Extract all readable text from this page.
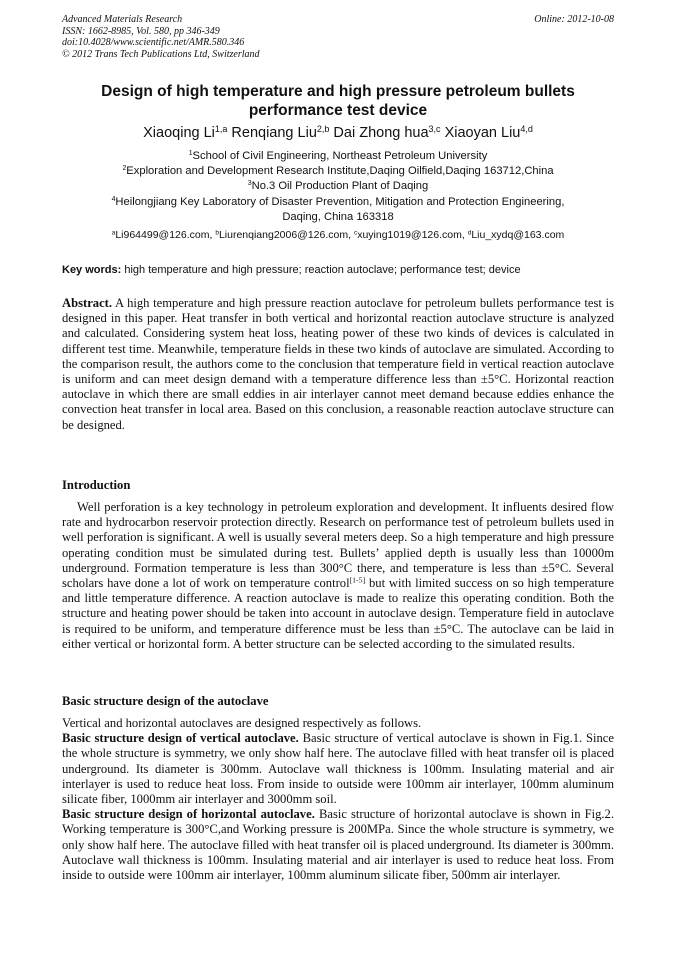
Advanced Materials Research
ISSN: 1662-8985, Vol. 580, pp 346-349
doi:10.4028/www.scientific.net/AMR.580.346
© 2012 Trans Tech Publications Ltd, Switzerland
Online: 2012-10-08
Design of high temperature and high pressure petroleum bullets
performance test device
Xiaoqing Li$^{1,a}$ Renqiang Liu$^{2,b}$ Dai Zhong hua$^{3,c}$ Xiaoyan Liu$^{4,d}$
$^1$School of Civil Engineering, Northeast Petroleum University
$^2$Exploration and Development Research Institute,Daqing Oilfield,Daqing 163712,China
$^3$No.3 Oil Production Plant of Daqing
$^4$Heilongjiang Key Laboratory of Disaster Prevention, Mitigation and Protection Engineering,
Daqing, China 163318
$^a$Li964499@126.com, $^b$Liurenqiang2006@126.com, $^c$xuying1019@126.com, $^d$Liu_xydq@163.com
Key words: high temperature and high pressure; reaction autoclave; performance test; device
Abstract. A high temperature and high pressure reaction autoclave for petroleum bullets performance test is designed in this paper. Heat transfer in both vertical and horizontal reaction autoclave structure is analyzed and calculated. Considering system heat loss, heating power of these two kinds of devices is calculated in different test time. Meanwhile, temperature fields in these two kinds of autoclave are simulated. According to the comparison result, the authors come to the conclusion that temperature field in vertical reaction autoclave is uniform and can meet design demand with a temperature difference less than ±5°C. Horizontal reaction autoclave in which there are small eddies in air interlayer cannot meet demand because eddies enhance the convection heat transfer in local area. Based on this conclusion, a reasonable reaction autoclave structure can be designed.
Introduction
Well perforation is a key technology in petroleum exploration and development. It influents desired flow rate and hydrocarbon reservoir protection directly. Research on performance test of petroleum bullets used in well perforation is significant. A well is usually several meters deep. So a high temperature and high pressure operating condition must be simulated during test. Bullets’ applied depth is usually less than 10000m underground. Formation temperature is less than 300°C there, and temperature is less than ±5°C. Several scholars have done a lot of work on temperature control[1-5] but with limited success on so high temperature and little temperature difference. A reaction autoclave is made to realize this operating condition. Both the structure and heating power should be taken into account in autoclave design. Temperature field in autoclave is required to be uniform, and temperature difference must be less than ±5°C. The autoclave can be laid in either vertical or horizontal form. A better structure can be selected according to the simulated results.
Basic structure design of the autoclave

Vertical and horizontal autoclaves are designed respectively as follows.

Basic structure design of vertical autoclave. Basic structure of vertical autoclave is shown in Fig.1. Since the whole structure is symmetry, we only show half here. The autoclave filled with heat transfer oil is placed underground. Its diameter is 300mm. Autoclave wall thickness is 100mm. Insulating material and air interlayer is used to reduce heat loss. From inside to outside were 100mm air interlayer, 100mm aluminum silicate fiber, 1000mm air interlayer and 3000mm soil.

Basic structure design of horizontal autoclave. Basic structure of horizontal autoclave is shown in Fig.2. Working temperature is 300°C,and Working pressure is 200MPa. Since the whole structure is symmetry, we only show half here. The autoclave filled with heat transfer oil is placed underground. Its diameter is 300mm. Autoclave wall thickness is 100mm. Insulating material and air interlayer is used to reduce heat loss. From inside to outside were 100mm air interlayer, 100mm aluminum silicate fiber, 500mm air interlayer.
